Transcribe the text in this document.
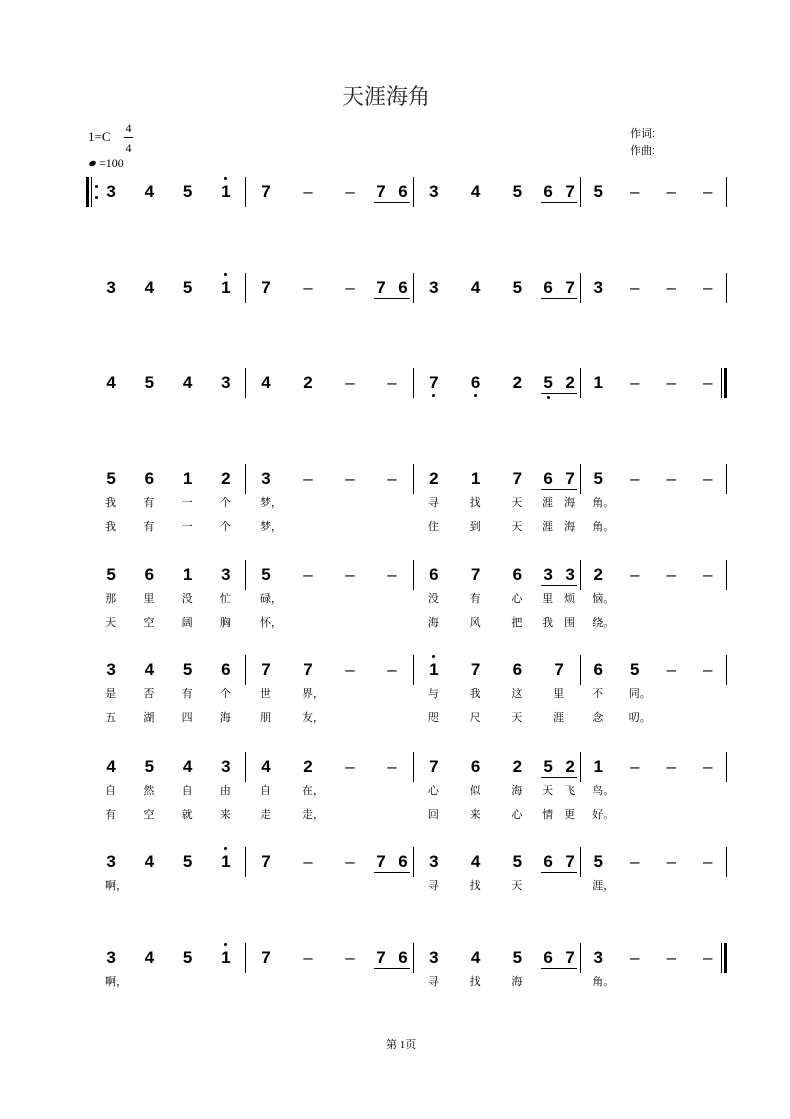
天涯海角
1=C
4
4
=100
作词:
作曲:
3 4 5 1 7 – – 7 6 3 4 5 6 7 5 – – –
3 4 5 1 7 – – 7 6 3 4 5 6 7 3 – – –
4 5 4 3 4 2 – – 7 6 2 5 2 1 – – –
5 6 1 2 3 – – – 2 1 7 6 7 5 – – –
我 有 一 个	梦，	寻	找	天 涯 海 角。
我 有 一 个	梦，	住	到	天 涯 海 角。
5 6 1 3 5 – – – 6 7 6 3 3 2 – – –
那 里 没 忙	碌，	没	有	心 里 烦 恼。
天 空 阔 胸	怀，	海	风	把 我 围 绕。
3 4 5 6 7 7 – – 1 7 6 7 6 5 – –
是 否 有 个	世	界，	与	我	这	里	不 同。
五 湖 四 海	朋	友，	咫	尺	天	涯	念 叨。
4 5 4 3 4 2 – – 7 6 2 5 2 1 – – –
自 然 自 由	自	在，	心	似	海 天 飞 鸟。
有 空 就 来	走	走，	回	来	心 情 更 好。
3 4 5 1 7 – – 7 6 3 4 5 6 7 5 – – –
啊，	寻	找	天	涯，
3 4 5 1 7 – – 7 6 3 4 5 6 7 3 – – –
啊，	寻	找	海	角。
第 1页
